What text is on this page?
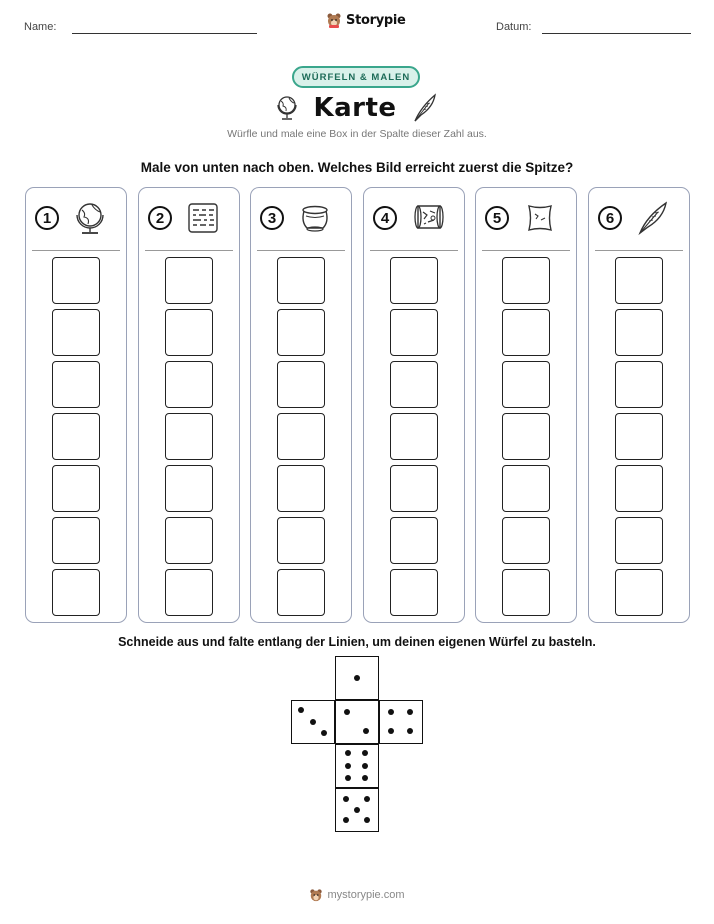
Name:	Storypie	Datum:
WÜRFELN & MALEN
Karte
Würfle und male eine Box in der Spalte dieser Zahl aus.
Male von unten nach oben. Welches Bild erreicht zuerst die Spitze?
1	2	3	4	5	6
Schneide aus und falte entlang der Linien, um deinen eigenen Würfel zu basteln.
mystorypie.com
